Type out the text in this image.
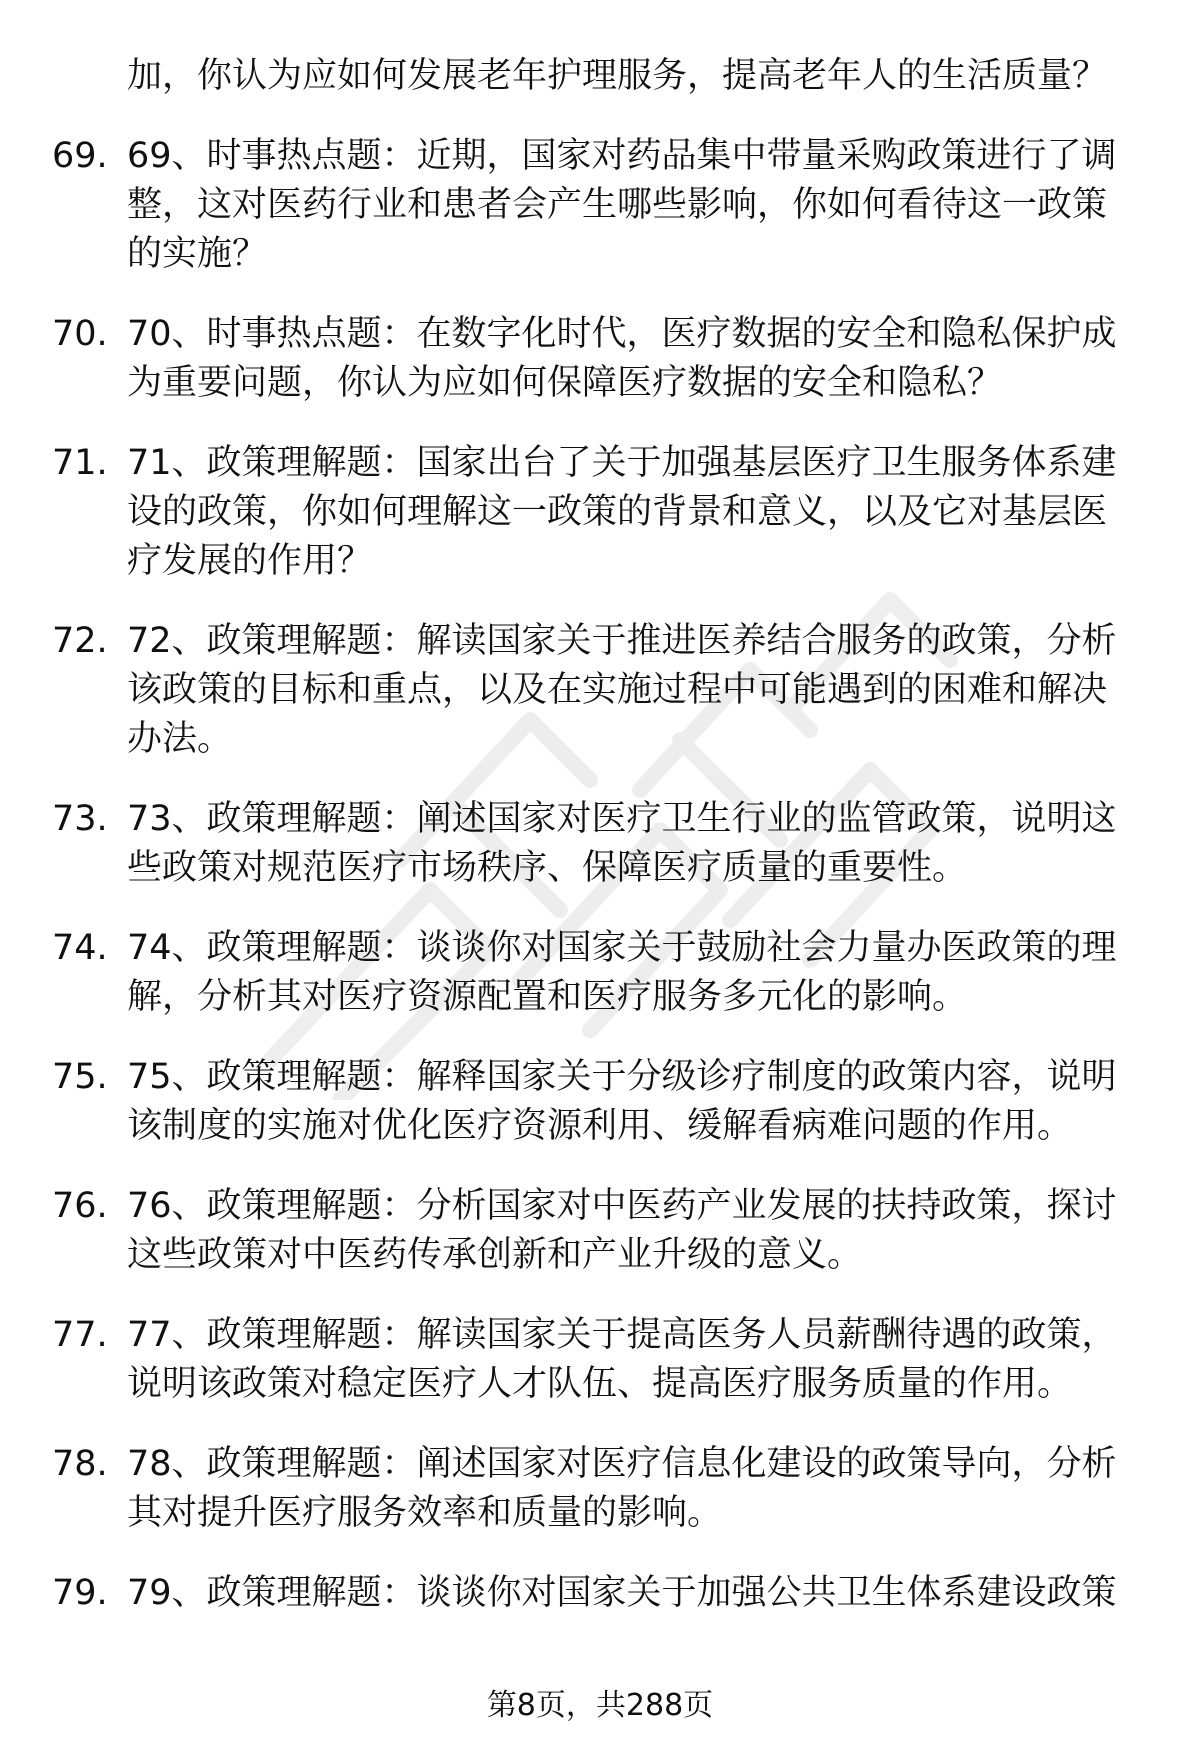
加，你认为应如何发展老年护理服务，提高老年人的生活质量？
69. 69、时事热点题：近期，国家对药品集中带量采购政策进行了调
整，这对医药行业和患者会产生哪些影响，你如何看待这一政策
的实施？
70. 70、时事热点题：在数字化时代，医疗数据的安全和隐私保护成
为重要问题，你认为应如何保障医疗数据的安全和隐私？
71. 71、政策理解题：国家出台了关于加强基层医疗卫生服务体系建
设的政策，你如何理解这一政策的背景和意义，以及它对基层医
疗发展的作用？
72. 72、政策理解题：解读国家关于推进医养结合服务的政策，分析
该政策的目标和重点，以及在实施过程中可能遇到的困难和解决
办法。
73. 73、政策理解题：阐述国家对医疗卫生行业的监管政策，说明这
些政策对规范医疗市场秩序、保障医疗质量的重要性。
74. 74、政策理解题：谈谈你对国家关于鼓励社会力量办医政策的理
解，分析其对医疗资源配置和医疗服务多元化的影响。
75. 75、政策理解题：解释国家关于分级诊疗制度的政策内容，说明
该制度的实施对优化医疗资源利用、缓解看病难问题的作用。
76. 76、政策理解题：分析国家对中医药产业发展的扶持政策，探讨
这些政策对中医药传承创新和产业升级的意义。
77. 77、政策理解题：解读国家关于提高医务人员薪酬待遇的政策，
说明该政策对稳定医疗人才队伍、提高医疗服务质量的作用。
78. 78、政策理解题：阐述国家对医疗信息化建设的政策导向，分析
其对提升医疗服务效率和质量的影响。
79. 79、政策理解题：谈谈你对国家关于加强公共卫生体系建设政策
第8页，共288页
